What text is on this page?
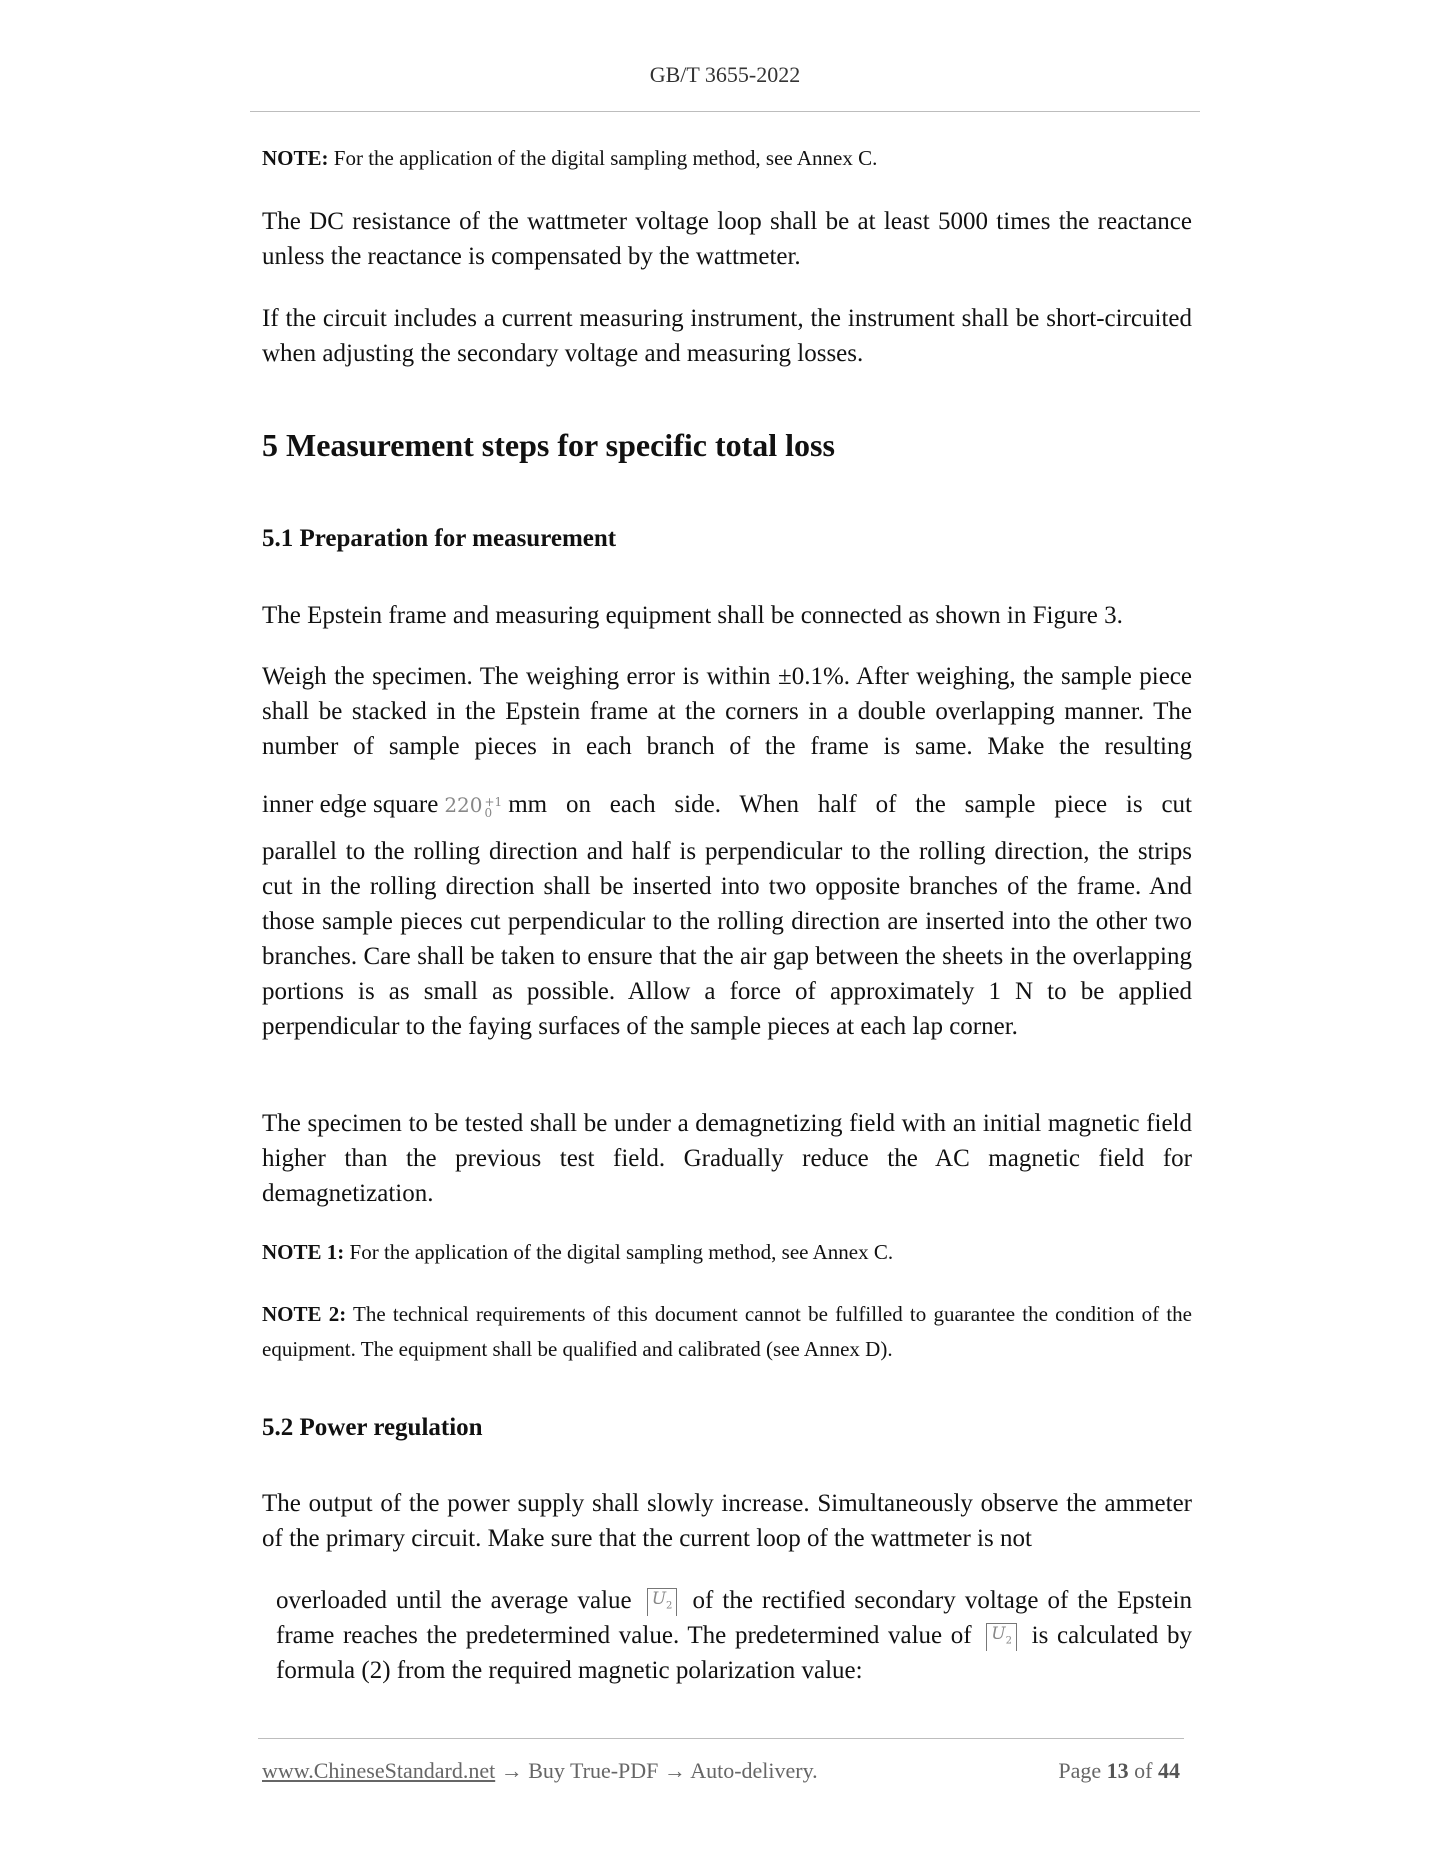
GB/T 3655-2022

NOTE: For the application of the digital sampling method, see Annex C.

The DC resistance of the wattmeter voltage loop shall be at least 5000 times the reactance unless the reactance is compensated by the wattmeter.

If the circuit includes a current measuring instrument, the instrument shall be short-circuited when adjusting the secondary voltage and measuring losses.

5 Measurement steps for specific total loss

5.1 Preparation for measurement

The Epstein frame and measuring equipment shall be connected as shown in Figure 3.

Weigh the specimen. The weighing error is within ±0.1%. After weighing, the sample piece shall be stacked in the Epstein frame at the corners in a double overlapping manner. The number of sample pieces in each branch of the frame is same. Make the resulting

inner edge square 220 +1
0 mm on each side. When half of the sample piece is cut

parallel to the rolling direction and half is perpendicular to the rolling direction, the strips cut in the rolling direction shall be inserted into two opposite branches of the frame. And those sample pieces cut perpendicular to the rolling direction are inserted into the other two branches. Care shall be taken to ensure that the air gap between the sheets in the overlapping portions is as small as possible. Allow a force of approximately 1 N to be applied perpendicular to the faying surfaces of the sample pieces at each lap corner.

The specimen to be tested shall be under a demagnetizing field with an initial magnetic field higher than the previous test field. Gradually reduce the AC magnetic field for demagnetization.

NOTE 1: For the application of the digital sampling method, see Annex C.

NOTE 2: The technical requirements of this document cannot be fulfilled to guarantee the condition of the equipment. The equipment shall be qualified and calibrated (see Annex D).

5.2 Power regulation

The output of the power supply shall slowly increase. Simultaneously observe the ammeter of the primary circuit. Make sure that the current loop of the wattmeter is not

overloaded until the average value $U_2$ of the rectified secondary voltage of the Epstein frame reaches the predetermined value. The predetermined value of $U_2$ is calculated by formula (2) from the required magnetic polarization value:

www.ChineseStandard.net → Buy True-PDF → Auto-delivery.	Page 13 of 44
